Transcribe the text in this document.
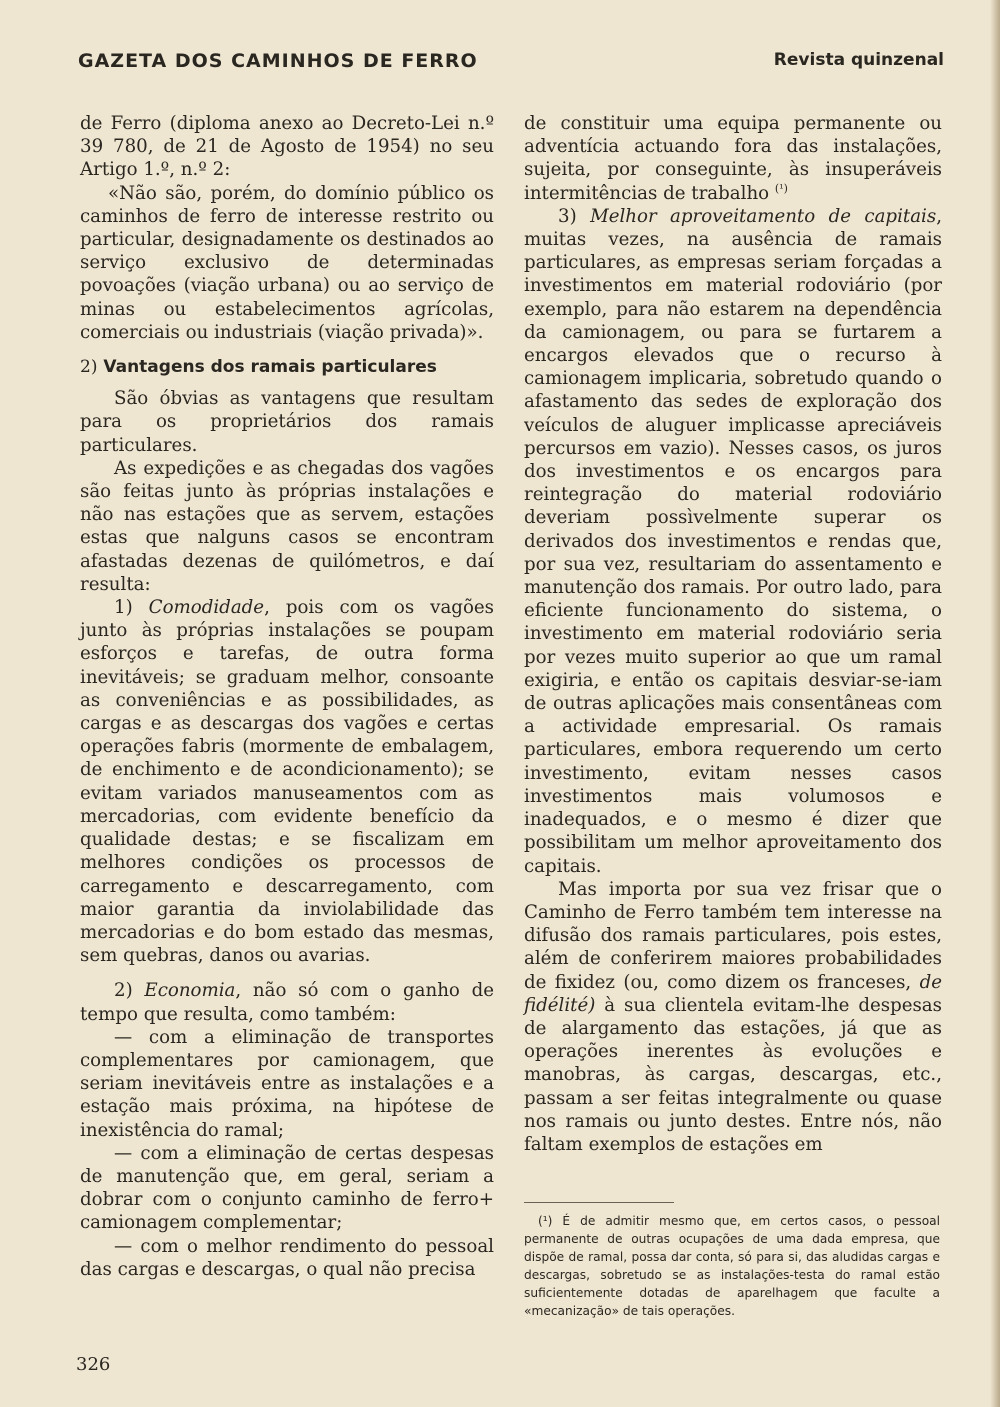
GAZETA DOS CAMINHOS DE FERRO	Revista quinzenal

de Ferro (diploma anexo ao Decreto-Lei n.º 39 780, de 21 de Agosto de 1954) no seu Artigo 1.º, n.º 2:

«Não são, porém, do domínio público os caminhos de ferro de interesse restrito ou particular, designadamente os destinados ao serviço exclusivo de determinadas povoações (viação urbana) ou ao serviço de minas ou estabelecimentos agrícolas, comerciais ou industriais (viação privada)».

2) Vantagens dos ramais particulares

São óbvias as vantagens que resultam para os proprietários dos ramais particulares.

As expedições e as chegadas dos vagões são feitas junto às próprias instalações e não nas estações que as servem, estações estas que nalguns casos se encontram afastadas dezenas de quilómetros, e daí resulta:

1) Comodidade, pois com os vagões junto às próprias instalações se poupam esforços e tarefas, de outra forma inevitáveis; se graduam melhor, consoante as conveniências e as possibilidades, as cargas e as descargas dos vagões e certas operações fabris (mormente de embalagem, de enchimento e de acondicionamento); se evitam variados manuseamentos com as mercadorias, com evidente benefício da qualidade destas; e se fiscalizam em melhores condições os processos de carregamento e descarregamento, com maior garantia da inviolabilidade das mercadorias e do bom estado das mesmas, sem quebras, danos ou avarias.

2) Economia, não só com o ganho de tempo que resulta, como também:

— com a eliminação de transportes complementares por camionagem, que seriam inevitáveis entre as instalações e a estação mais próxima, na hipótese de inexistência do ramal;

— com a eliminação de certas despesas de manutenção que, em geral, seriam a dobrar com o conjunto caminho de ferro+ camionagem complementar;

— com o melhor rendimento do pessoal das cargas e descargas, o qual não precisa

de constituir uma equipa permanente ou adventícia actuando fora das instalações, sujeita, por conseguinte, às insuperáveis intermitências de trabalho $^{(^1)}$

3) Melhor aproveitamento de capitais, muitas vezes, na ausência de ramais particulares, as empresas seriam forçadas a investimentos em material rodoviário (por exemplo, para não estarem na dependência da camionagem, ou para se furtarem a encargos elevados que o recurso à camionagem implicaria, sobretudo quando o afastamento das sedes de exploração dos veículos de aluguer implicasse apreciáveis percursos em vazio). Nesses casos, os juros dos investimentos e os encargos para reintegração do material rodoviário deveriam possìvelmente superar os derivados dos investimentos e rendas que, por sua vez, resultariam do assentamento e manutenção dos ramais. Por outro lado, para eficiente funcionamento do sistema, o investimento em material rodoviário seria por vezes muito superior ao que um ramal exigiria, e então os capitais desviar-se-iam de outras aplicações mais consentâneas com a actividade empresarial. Os ramais particulares, embora requerendo um certo investimento, evitam nesses casos investimentos mais volumosos e inadequados, e o mesmo é dizer que possibilitam um melhor aproveitamento dos capitais.

Mas importa por sua vez frisar que o Caminho de Ferro também tem interesse na difusão dos ramais particulares, pois estes, além de conferirem maiores probabilidades de fixidez (ou, como dizem os franceses, de fidélité) à sua clientela evitam-lhe despesas de alargamento das estações, já que as operações inerentes às evoluções e manobras, às cargas, descargas, etc., passam a ser feitas integralmente ou quase nos ramais ou junto destes. Entre nós, não faltam exemplos de estações em

(¹) É de admitir mesmo que, em certos casos, o pessoal permanente de outras ocupações de uma dada empresa, que dispõe de ramal, possa dar conta, só para si, das aludidas cargas e descargas, sobretudo se as instalações-testa do ramal estão suficientemente dotadas de aparelhagem que faculte a «mecanização» de tais operações.

326
